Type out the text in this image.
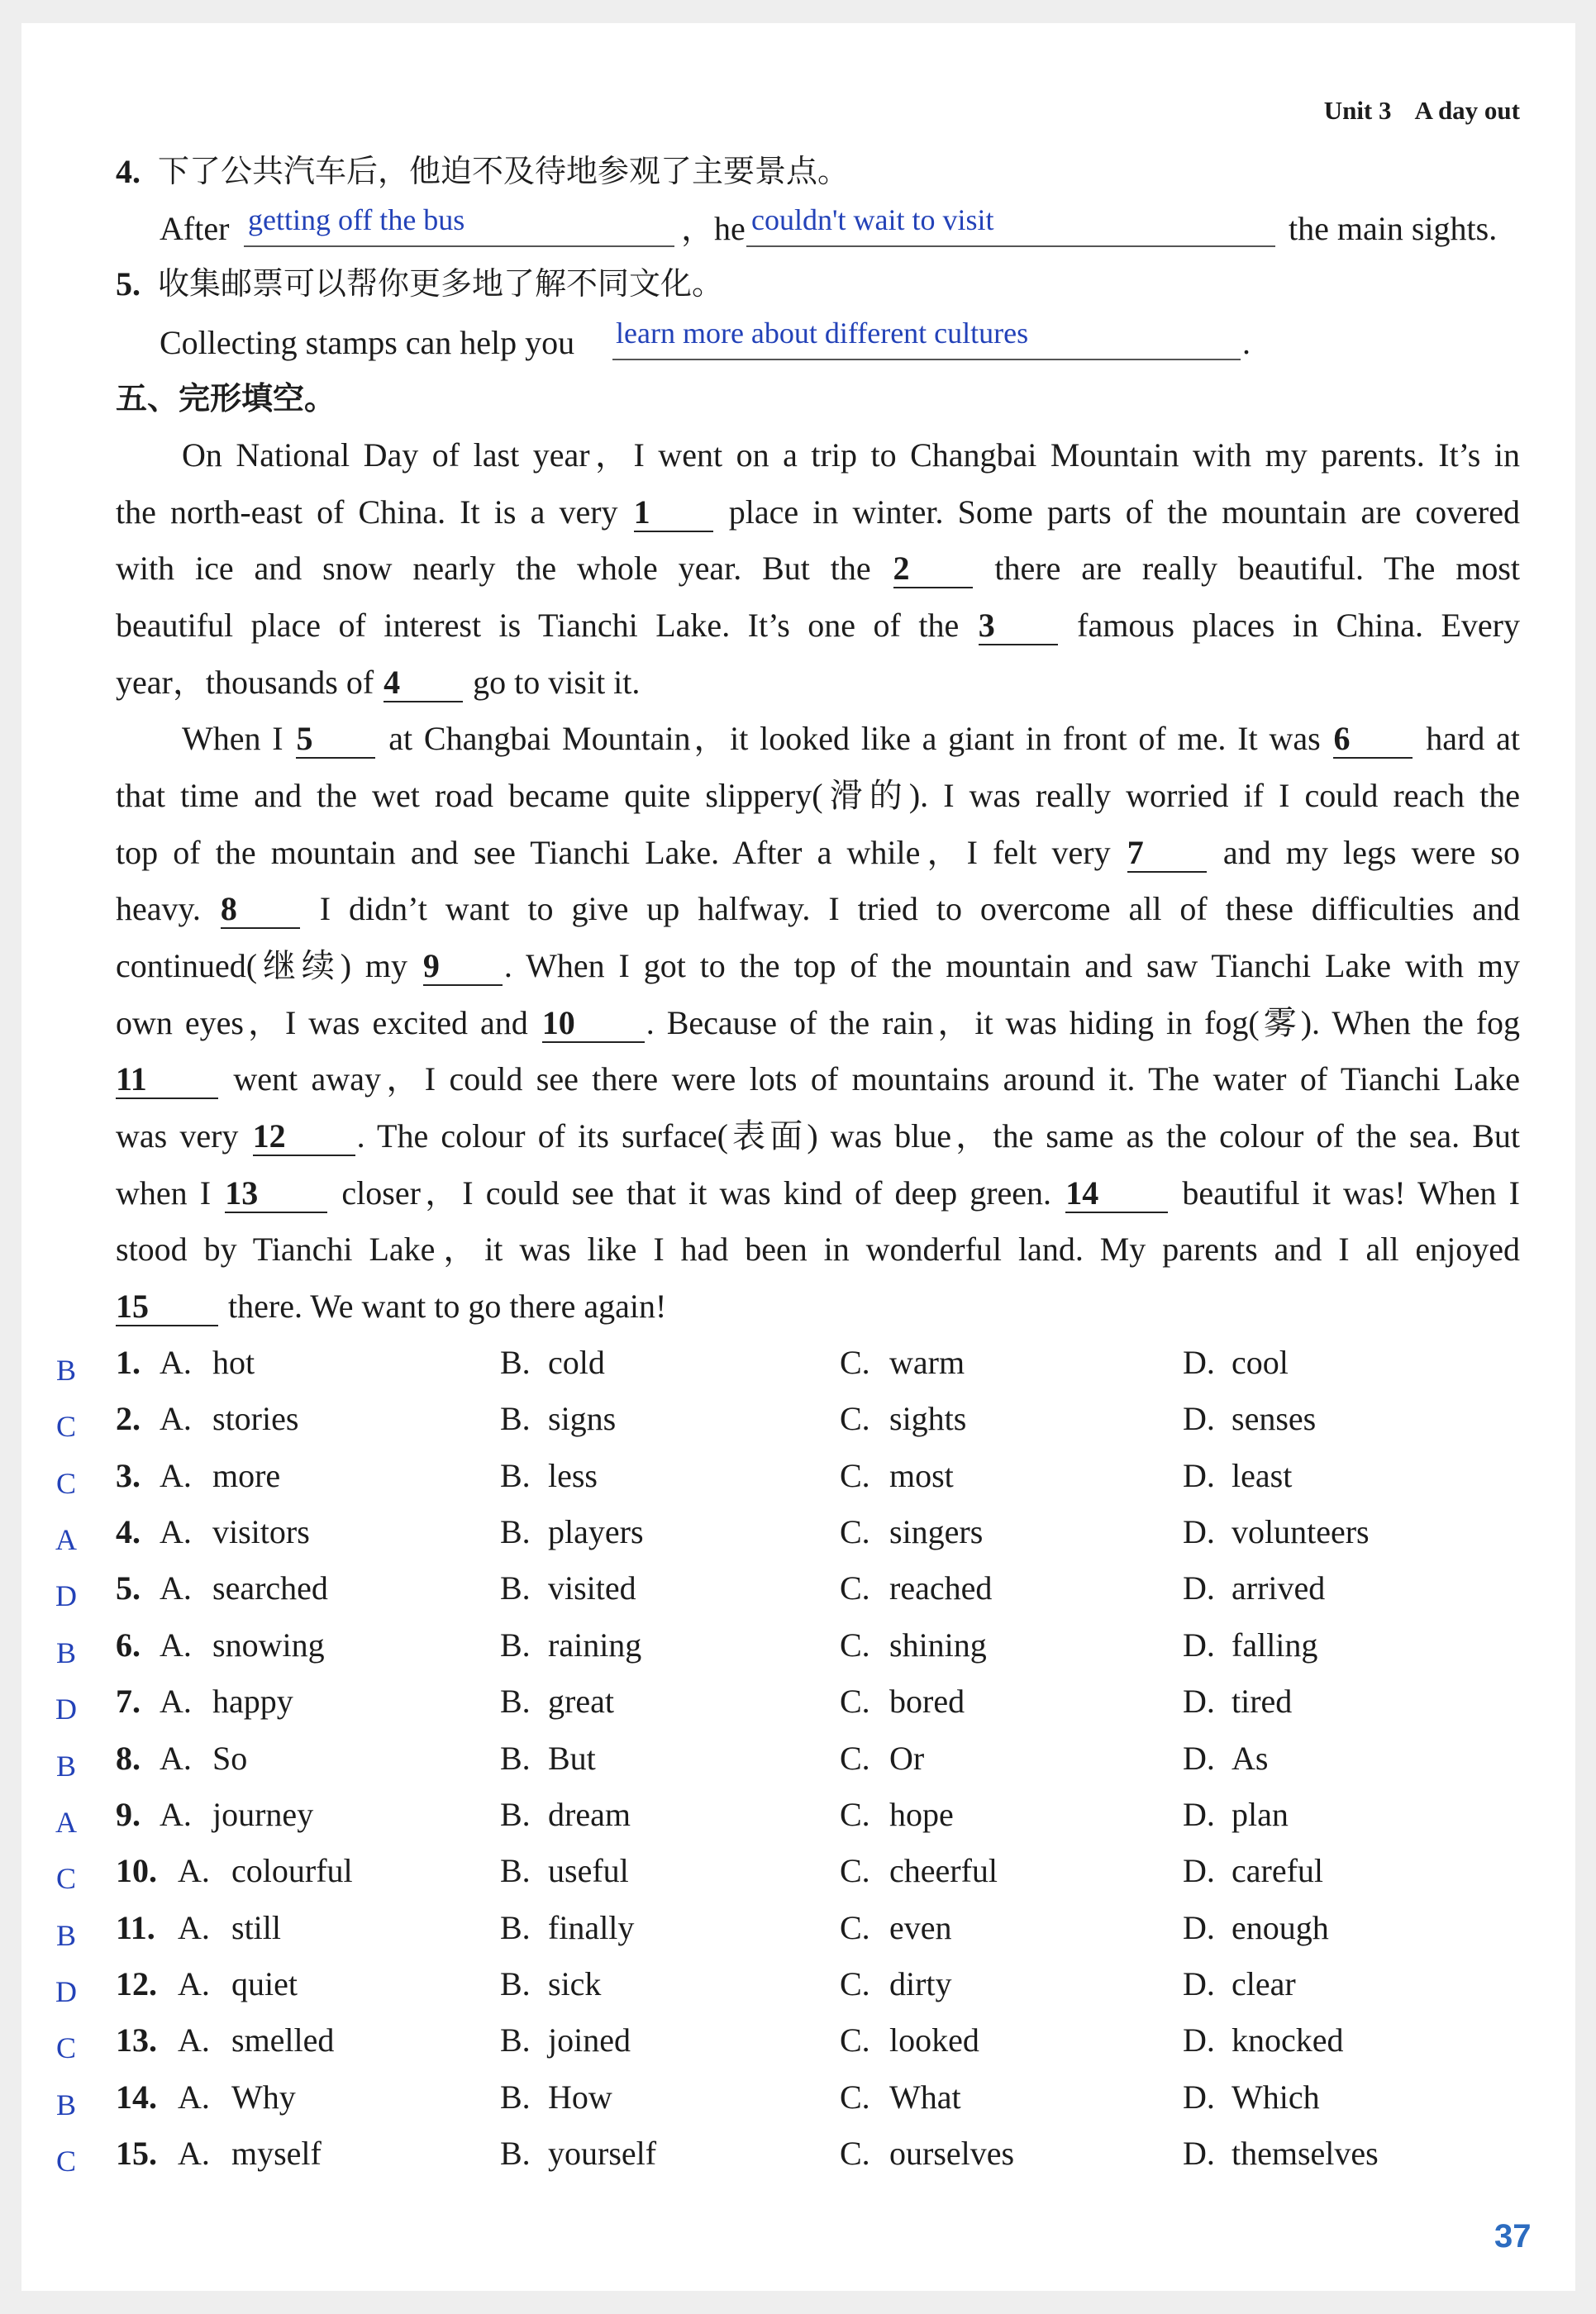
Unit 3 A day out
4. 下了公共汽车后，他迫不及待地参观了主要景点。
After getting off the bus	，he couldn't wait to visit	the main sights.
5. 收集邮票可以帮你更多地了解不同文化。
Collecting stamps can help you learn more about different cultures	.
五、完形填空。
On National Day of last year，I went on a trip to Changbai Mountain with my parents. It’s in
the north-east of China. It is a very 1 place in winter. Some parts of the mountain are covered
with ice and snow nearly the whole year. But the 2 there are really beautiful. The most
beautiful place of interest is Tianchi Lake. It’s one of the 3 famous places in China. Every
year，thousands of 4 go to visit it.
When I 5 at Changbai Mountain，it looked like a giant in front of me. It was 6 hard at
that time and the wet road became quite slippery(滑的). I was really worried if I could reach the
top of the mountain and see Tianchi Lake. After a while，I felt very 7 and my legs were so
heavy. 8 I didn’t want to give up halfway. I tried to overcome all of these difficulties and
continued(继续) my 9 . When I got to the top of the mountain and saw Tianchi Lake with my
own eyes，I was excited and 10 . Because of the rain，it was hiding in fog(雾). When the fog
11 went away，I could see there were lots of mountains around it. The water of Tianchi Lake
was very 12 . The colour of its surface(表面) was blue，the same as the colour of the sea. But
when I 13 closer，I could see that it was kind of deep green. 14 beautiful it was! When I
stood by Tianchi Lake，it was like I had been in wonderful land. My parents and I all enjoyed
15 there. We want to go there again!
B 1. A. hot	B. cold	C. warm	D. cool
C 2. A. stories	B. signs	C. sights	D. senses
C 3. A. more	B. less	C. most	D. least
A 4. A. visitors	B. players	C. singers	D. volunteers
D 5. A. searched	B. visited	C. reached	D. arrived
B 6. A. snowing	B. raining	C. shining	D. falling
D 7. A. happy	B. great	C. bored	D. tired
B 8. A. So	B. But	C. Or	D. As
A 9. A. journey	B. dream	C. hope	D. plan
C 10. A. colourful	B. useful	C. cheerful	D. careful
B 11. A. still	B. finally	C. even	D. enough
D 12. A. quiet	B. sick	C. dirty	D. clear
C 13. A. smelled	B. joined	C. looked	D. knocked
B 14. A. Why	B. How	C. What	D. Which
C 15. A. myself	B. yourself	C. ourselves	D. themselves
37
